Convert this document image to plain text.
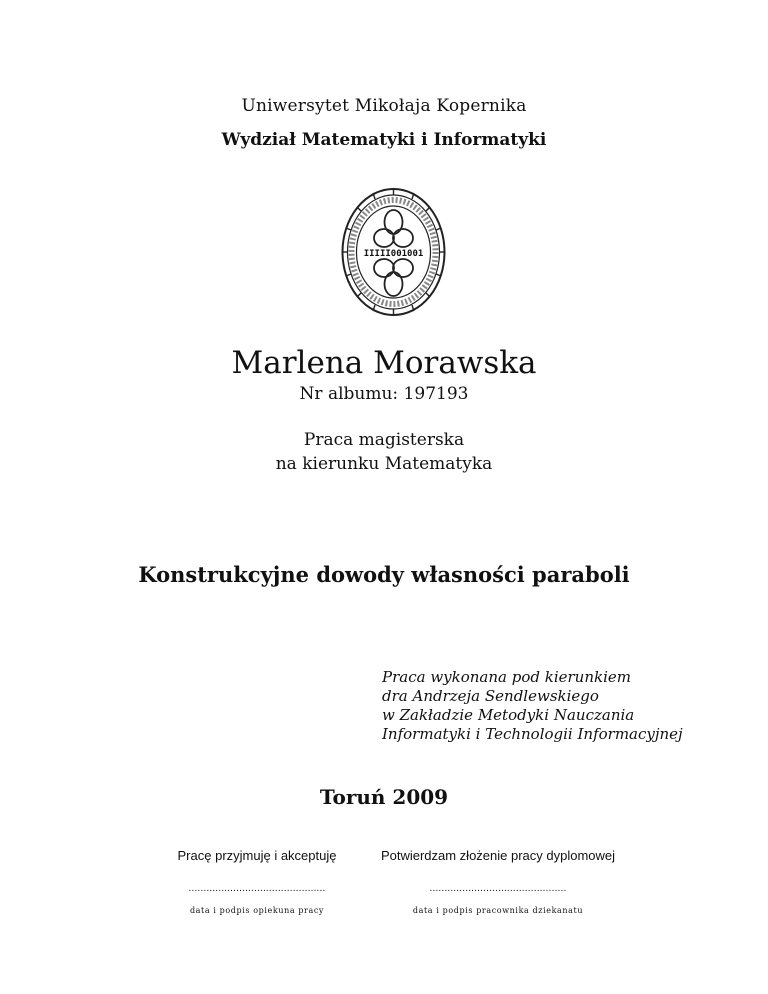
Uniwersytet Mikołaja Kopernika
Wydział Matematyki i Informatyki
IIIII001001
Marlena Morawska
Nr albumu: 197193
Praca magisterska
na kierunku Matematyka
Konstrukcyjne dowody własności paraboli
Praca wykonana pod kierunkiem
dra Andrzeja Sendlewskiego
w Zakładzie Metodyki Nauczania
Informatyki i Technologii Informacyjnej
Toruń 2009
Pracę przyjmuję i akceptuję
..............................................
data i podpis opiekuna pracy
Potwierdzam złożenie pracy dyplomowej
..............................................
data i podpis pracownika dziekanatu
